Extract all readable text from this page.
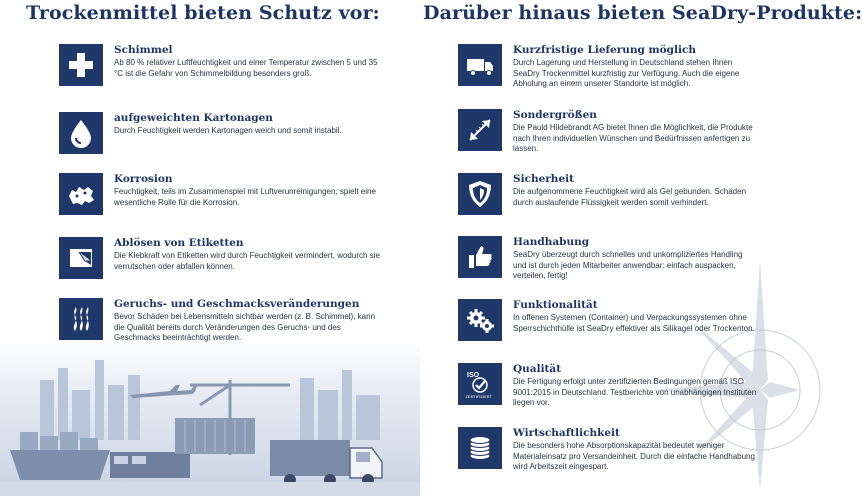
Trockenmittel bieten Schutz vor: Darüber hinaus bieten SeaDry-Produkte:
Schimmel
Ab 80 % relativer Luftfeuchtigkeit und einer Temperatur zwischen 5 und 35 °C ist die Gefahr von Schimmelbildung besonders groß.
aufgeweichten Kartonagen
Durch Feuchtigkeit werden Kartonagen weich und somit instabil.
Korrosion
Feuchtigkeit, teils im Zusammenspiel mit Luftverunreinigungen, spielt eine wesentliche Rolle für die Korrosion.
Ablösen von Etiketten
Die Klebkraft von Etiketten wird durch Feuchtigkeit vermindert, wodurch sie verrutschen oder abfallen können.
Geruchs- und Geschmacksveränderungen
Bevor Schäden bei Lebensmitteln sichtbar werden (z. B. Schimmel), kann die Qualität bereits durch Veränderungen des Geruchs- und des Geschmacks beeinträchtigt werden.
Kurzfristige Lieferung möglich
Durch Lagerung und Herstellung in Deutschland stehen Ihnen SeaDry Trockenmittel kurzfristig zur Verfügung. Auch die eigene Abholung an einem unserer Standorte ist möglich.
Sondergrößen
Die Pauld Hildebrandt AG bietet Ihnen die Möglichkeit, die Produkte nach Ihren individuellen Wünschen und Bedürfnissen anfertigen zu lassen.
Sicherheit
Die aufgenommene Feuchtigkeit wird als Gel gebunden. Schäden durch auslaufende Flüssigkeit werden somit verhindert.
Handhabung
SeaDry überzeugt durch schnelles und unkompliziertes Handling und ist durch jeden Mitarbeiter anwendbar: einfach auspacken, verteilen, fertig!
Funktionalität
In offenen Systemen (Container) und Verpackungssystemen ohne Sperrschichthülle ist SeaDry effektiver als Silikagel oder Trockenton.
ISO
ZERTIFIZIERT
Qualität
Die Fertigung erfolgt unter zertifizierten Bedingungen gemäß ISO 9001:2015 in Deutschland. Testberichte von unabhängigen Instituten liegen vor.
Wirtschaftlichkeit
Die besonders hohe Absorptionskapazität bedeutet weniger Materialeinsatz pro Versandeinheit. Durch die einfache Handhabung wird Arbeitszeit eingespart.
